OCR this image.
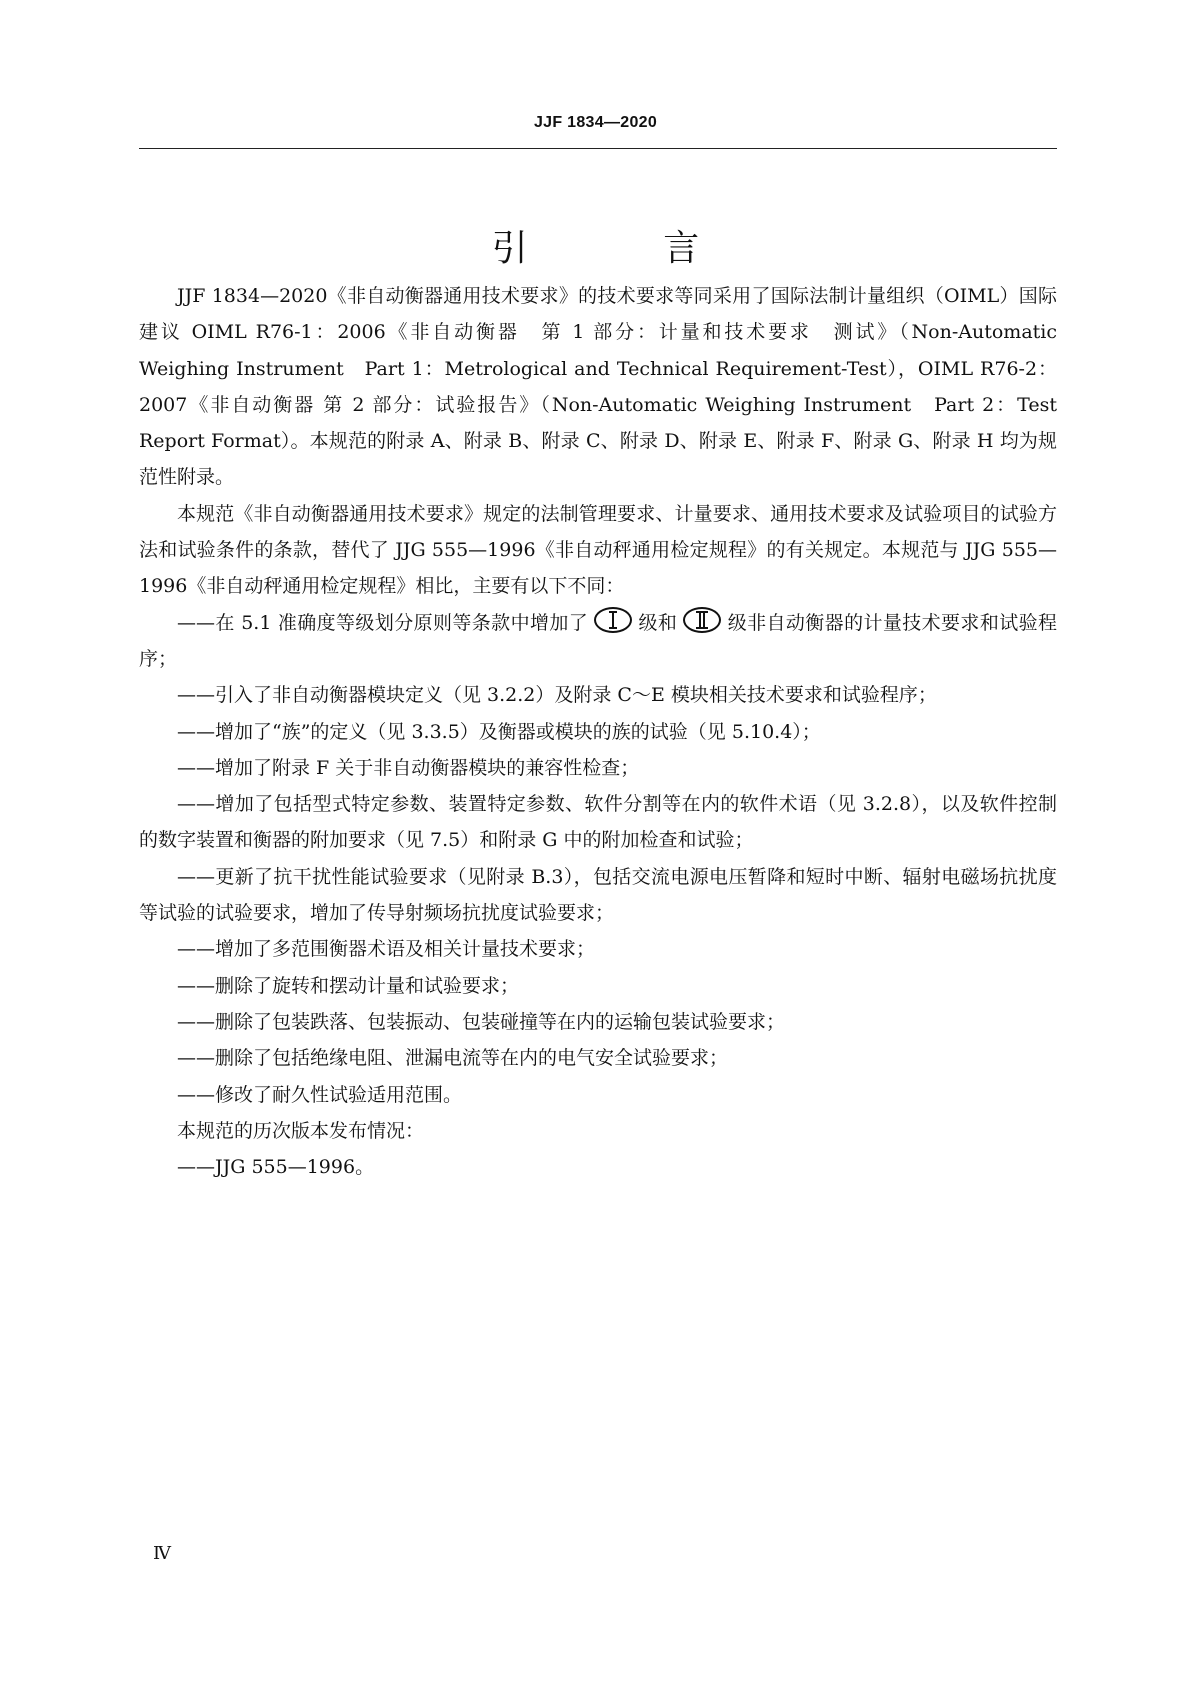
JJF 1834—2020
引 言

JJF 1834—2020《非自动衡器通用技术要求》的技术要求等同采用了国际法制计量组织（OIML）国际建议 OIML R76-1：2006《非自动衡器　第 1 部分：计量和技术要求　测试》（Non-Automatic Weighing Instrument　Part 1：Metrological and Technical Requirement-Test），OIML R76-2：2007《非自动衡器 第 2 部分：试验报告》（Non-Automatic Weighing Instrument　Part 2：Test Report Format）。本规范的附录 A、附录 B、附录 C、附录 D、附录 E、附录 F、附录 G、附录 H 均为规范性附录。

本规范《非自动衡器通用技术要求》规定的法制管理要求、计量要求、通用技术要求及试验项目的试验方法和试验条件的条款，替代了 JJG 555—1996《非自动秤通用检定规程》的有关规定。本规范与 JJG 555—1996《非自动秤通用检定规程》相比，主要有以下不同：

——在 5.1 准确度等级划分原则等条款中增加了	级和	级非自动衡器的计量技术要求和试验程序；

——引入了非自动衡器模块定义（见 3.2.2）及附录 C～E 模块相关技术要求和试验程序；

——增加了“族”的定义（见 3.3.5）及衡器或模块的族的试验（见 5.10.4）；

——增加了附录 F 关于非自动衡器模块的兼容性检查；

——增加了包括型式特定参数、装置特定参数、软件分割等在内的软件术语（见 3.2.8），以及软件控制的数字装置和衡器的附加要求（见 7.5）和附录 G 中的附加检查和试验；

——更新了抗干扰性能试验要求（见附录 B.3），包括交流电源电压暂降和短时中断、辐射电磁场抗扰度等试验的试验要求，增加了传导射频场抗扰度试验要求；

——增加了多范围衡器术语及相关计量技术要求；

——删除了旋转和摆动计量和试验要求；

——删除了包装跌落、包装振动、包装碰撞等在内的运输包装试验要求；

——删除了包括绝缘电阻、泄漏电流等在内的电气安全试验要求；

——修改了耐久性试验适用范围。

本规范的历次版本发布情况：

——JJG 555—1996。

Ⅳ
